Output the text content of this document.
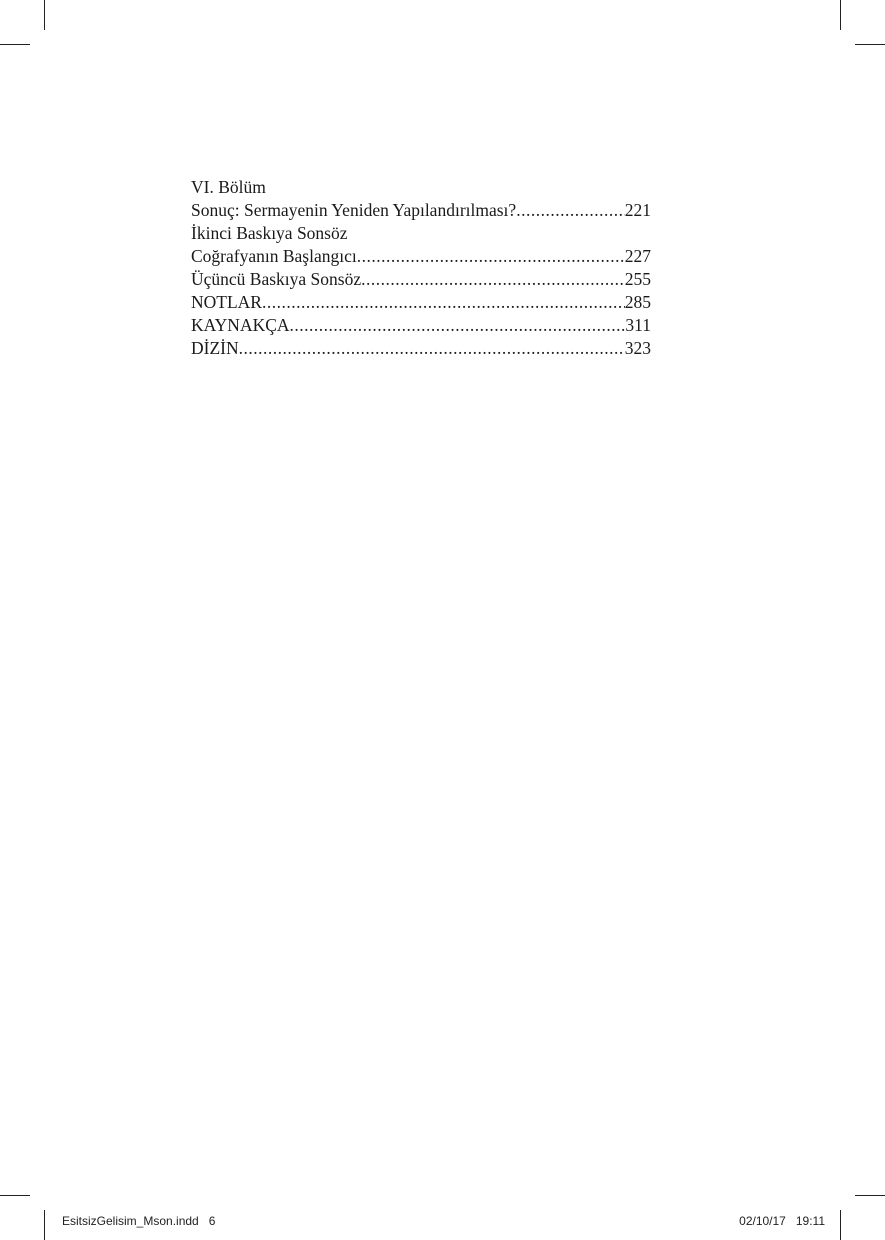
VI. Bölüm
Sonuç: Sermayenin Yeniden Yapılandırılması? .....	221
İkinci Baskıya Sonsöz
Coğrafyanın Başlangıcı .....	227
Üçüncü Baskıya Sonsöz .....	255
NOTLAR .....	285
KAYNAKÇA .....	311
DİZİN .....	323
EsitsizGelisim_Mson.indd   6	02/10/17   19:11
